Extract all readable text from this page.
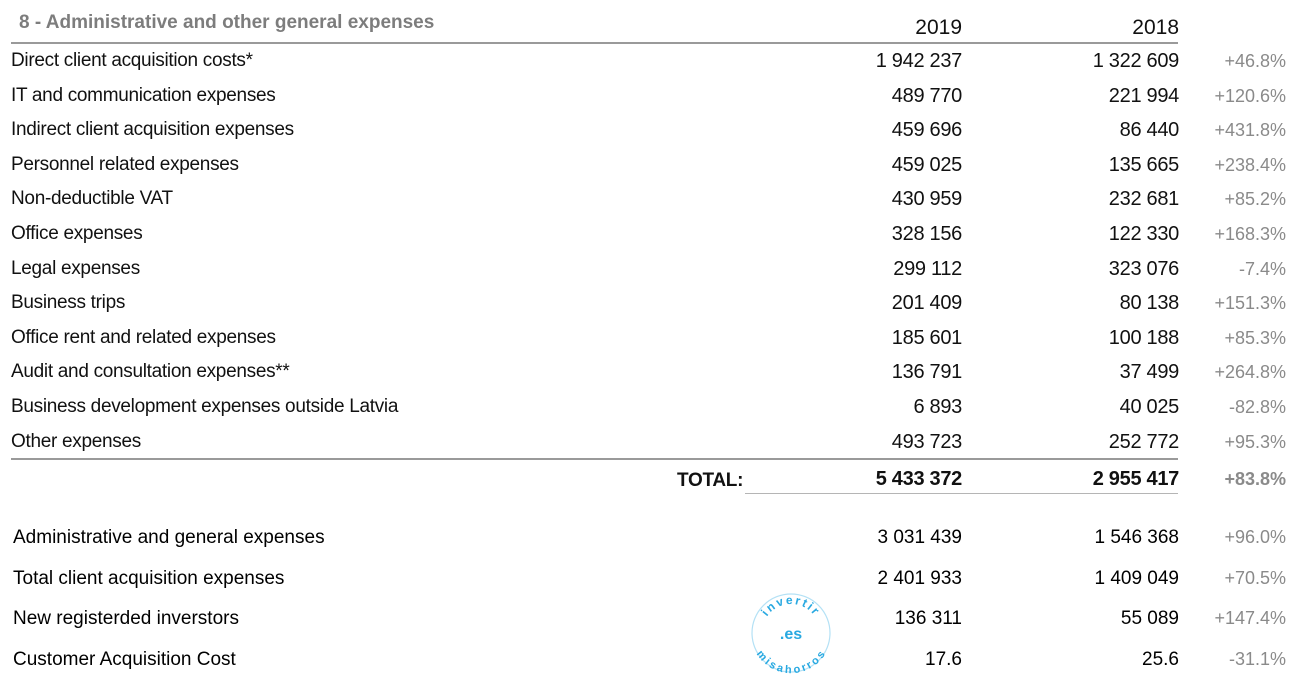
8 - Administrative and other general expenses	2019	2018
Direct client acquisition costs*	1 942 237	1 322 609	+46.8%
IT and communication expenses	489 770	221 994	+120.6%
Indirect client acquisition expenses	459 696	86 440	+431.8%
Personnel related expenses	459 025	135 665	+238.4%
Non-deductible VAT	430 959	232 681	+85.2%
Office expenses	328 156	122 330	+168.3%
Legal expenses	299 112	323 076	-7.4%
Business trips	201 409	80 138	+151.3%
Office rent and related expenses	185 601	100 188	+85.3%
Audit and consultation expenses**	136 791	37 499	+264.8%
Business development expenses outside Latvia	6 893	40 025	-82.8%
Other expenses	493 723	252 772	+95.3%
TOTAL:	5 433 372	2 955 417	+83.8%
Administrative and general expenses	3 031 439	1 546 368	+96.0%
Total client acquisition expenses	2 401 933	1 409 049	+70.5%
New registerded inverstors	136 311	55 089	+147.4%
Customer Acquisition Cost	17.6	25.6	-31.1%
invertir
.es
misahorros
